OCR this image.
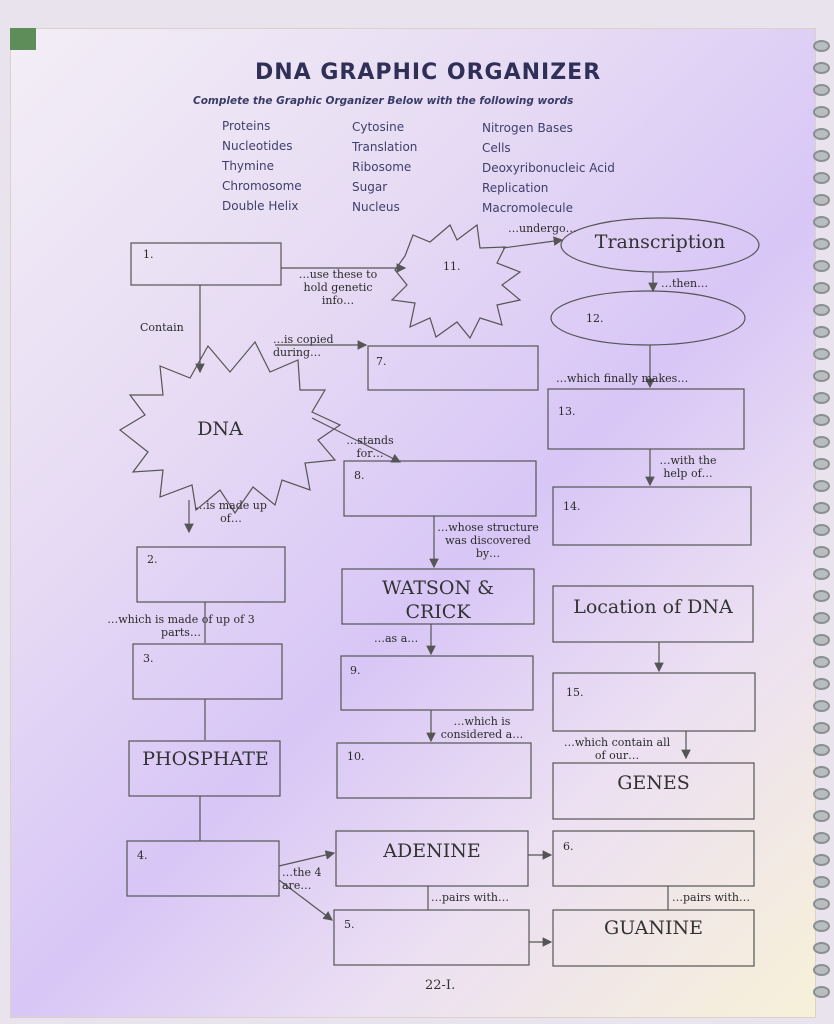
DNA GRAPHIC ORGANIZER
Complete the Graphic Organizer Below with the following words
Proteins
Nucleotides
Thymine
Chromosome
Double Helix
Cytosine
Translation
Ribosome
Sugar
Nucleus
Nitrogen Bases
Cells
Deoxyribonucleic Acid
Replication
Macromolecule
1.
11.
12.
7.
13.
8.
14.
2.
3.
9.
15.
10.
4.
6.
5.
DNA
Transcription
WATSON & CRICK	Location of DNA
PHOSPHATE
GENES
ADENINE
GUANINE
…use these to hold genetic info…
Contain
…is copied during…
…stands for…
…undergo…
…then…
…which finally makes…
…with the help of…
…is made up of…
…whose structure was discovered by…
…which is made of up of 3 parts…	…as a…
…which is considered a…
…which contain all of our…
…the 4 are…
…pairs with…	…pairs with…
22-I.
